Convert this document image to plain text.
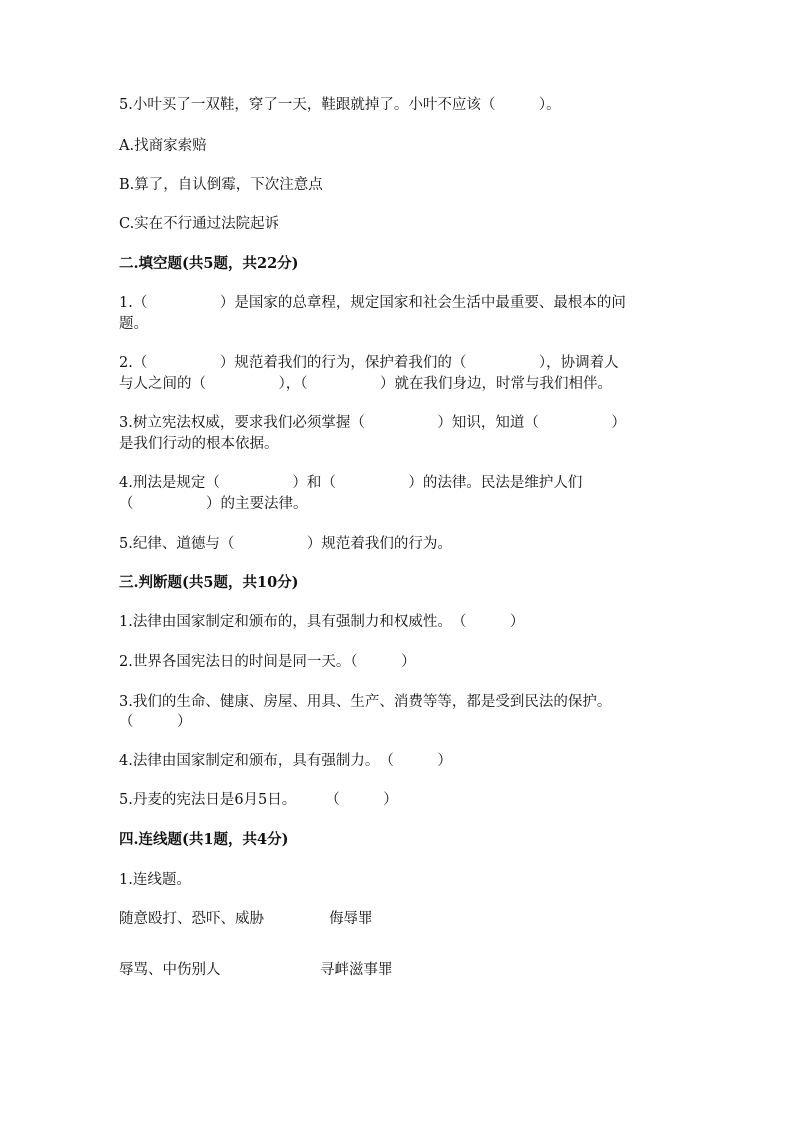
5.小叶买了一双鞋，穿了一天，鞋跟就掉了。小叶不应该（　　　）。

A.找商家索赔

B.算了，自认倒霉，下次注意点

C.实在不行通过法院起诉

二.填空题(共5题，共22分)

1.（　　　　　）是国家的总章程，规定国家和社会生活中最重要、最根本的问

题。

2.（　　　　　）规范着我们的行为，保护着我们的（　　　　　），协调着人

与人之间的（　　　　　），（　　　　　）就在我们身边，时常与我们相伴。

3.树立宪法权威，要求我们必须掌握（　　　　　）知识，知道（　　　　　）

是我们行动的根本依据。

4.刑法是规定（　　　　　）和（　　　　　）的法律。民法是维护人们

（　　　　　）的主要法律。

5.纪律、道德与（　　　　　）规范着我们的行为。

三.判断题(共5题，共10分)

1.法律由国家制定和颁布的，具有强制力和权威性。　（　　　）

2.世界各国宪法日的时间是同一天。（　　　）

3.我们的生命、健康、房屋、用具、生产、消费等等，都是受到民法的保护。

（　　　）

4.法律由国家制定和颁布，具有强制力。　（　　　）

5.丹麦的宪法日是6月5日。　　　（　　　）

四.连线题(共1题，共4分)

1.连线题。

随意殴打、恐吓、威胁	侮辱罪

辱骂、中伤别人	寻衅滋事罪
